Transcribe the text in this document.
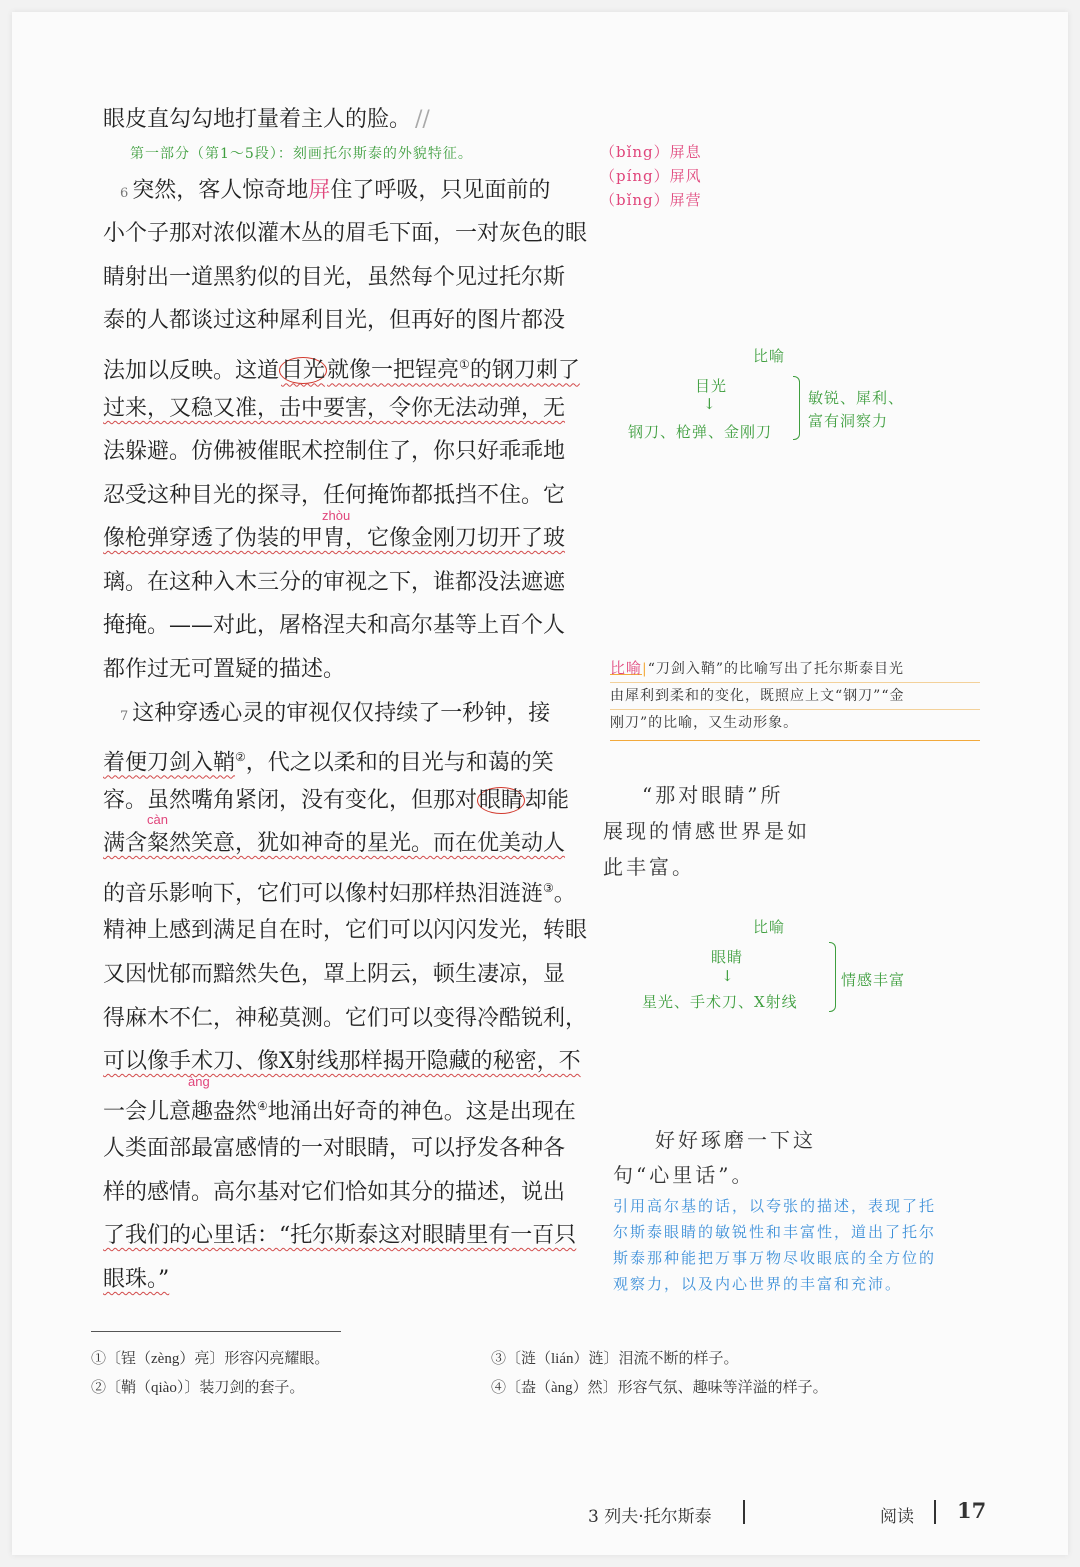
眼皮直勾勾地打量着主人的脸。 //
第一部分（第1～5段）：刻画托尔斯泰的外貌特征。
6 突然，客人惊奇地屏住了呼吸，只见面前的
小个子那对浓似灌木丛的眉毛下面，一对灰色的眼
睛射出一道黑豹似的目光，虽然每个见过托尔斯
泰的人都谈过这种犀利目光，但再好的图片都没
法加以反映。这道目光就像一把锃亮①的钢刀刺了
过来，又稳又准，击中要害，令你无法动弹，无
法躲避。仿佛被催眠术控制住了，你只好乖乖地
忍受这种目光的探寻，任何掩饰都抵挡不住。它
zhòu
像枪弹穿透了伪装的甲胄，它像金刚刀切开了玻
璃。在这种入木三分的审视之下，谁都没法遮遮
掩掩。——对此，屠格涅夫和高尔基等上百个人
都作过无可置疑的描述。
7 这种穿透心灵的审视仅仅持续了一秒钟，接
着便刀剑入鞘②，代之以柔和的目光与和蔼的笑
容。虽然嘴角紧闭，没有变化，但那对眼睛却能
càn
满含粲然笑意，犹如神奇的星光。而在优美动人
的音乐影响下，它们可以像村妇那样热泪涟涟③。
精神上感到满足自在时，它们可以闪闪发光，转眼
又因忧郁而黯然失色，罩上阴云，顿生凄凉，显
得麻木不仁，神秘莫测。它们可以变得冷酷锐利，
可以像手术刀、像X射线那样揭开隐藏的秘密，不
àng
一会儿意趣盎然④地涌出好奇的神色。这是出现在
人类面部最富感情的一对眼睛，可以抒发各种各
样的感情。高尔基对它们恰如其分的描述，说出
了我们的心里话：“托尔斯泰这对眼睛里有一百只
眼珠。”
（bǐng）屏息
（píng）屏风
（bǐng）屏营
比喻
目光
↓
钢刀、枪弹、金刚刀
敏锐、犀利、
富有洞察力
比喻|“刀剑入鞘”的比喻写出了托尔斯泰目光
由犀利到柔和的变化，既照应上文“钢刀”“金
刚刀”的比喻，又生动形象。
“那对眼睛”所
展现的情感世界是如
此丰富。
比喻
眼睛
↓
星光、手术刀、X射线
情感丰富
好好琢磨一下这
句“心里话”。
引用高尔基的话，以夸张的描述，表现了托
尔斯泰眼睛的敏锐性和丰富性，道出了托尔
斯泰那种能把万事万物尽收眼底的全方位的
观察力，以及内心世界的丰富和充沛。
①〔锃（zèng）亮〕形容闪亮耀眼。
②〔鞘（qiào）〕装刀剑的套子。
③〔涟（lián）涟〕泪流不断的样子。
④〔盎（àng）然〕形容气氛、趣味等洋溢的样子。
3 列夫·托尔斯泰	阅读 17
